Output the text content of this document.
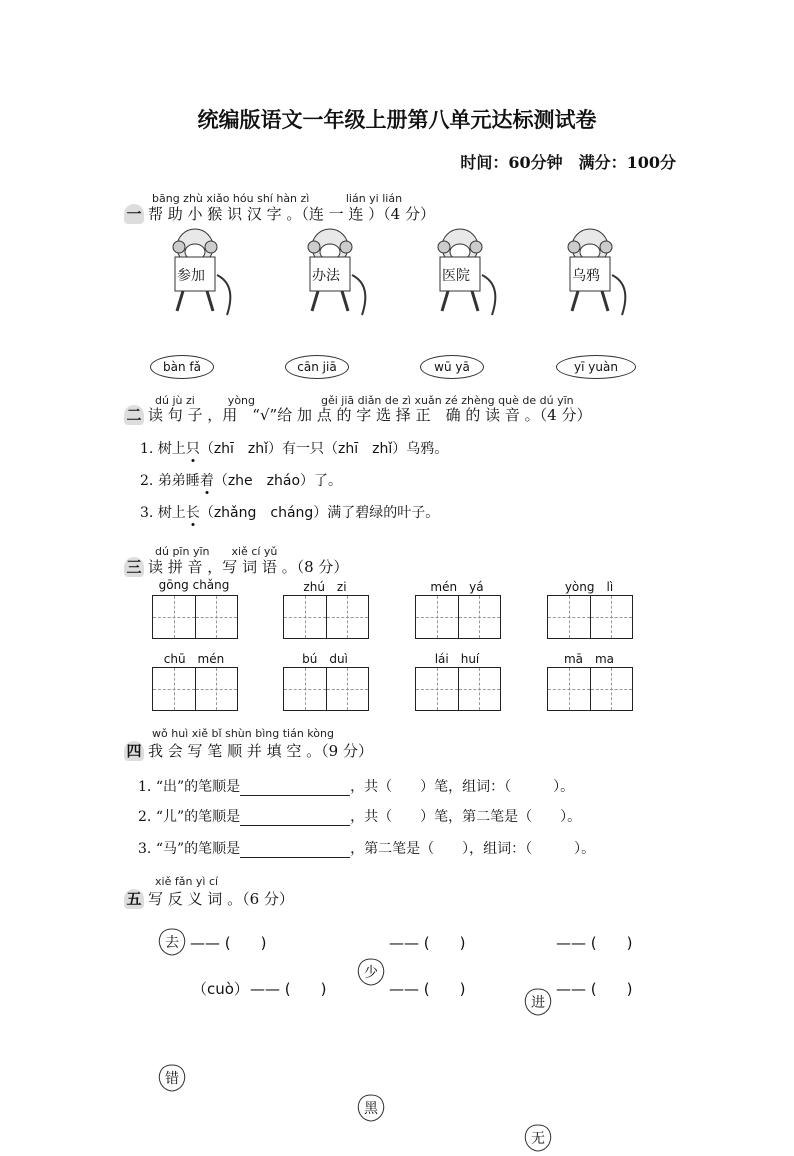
统编版语文一年级上册第八单元达标测试卷
时间：60分钟　满分：100分
bāng zhù xiǎo hóu shí hàn zì　　　 lián yi lián
一 帮 助 小 猴 识 汉 字 。（连 一 连 ）（4 分）
参加	办法	医院	乌鸦
bàn fǎ	cān jiā	wū yā	yī yuàn
dú jù zi　　　yòng　　　　　　gěi jiā diǎn de zì xuǎn zé zhèng què de dú yīn
二 读 句 子 ，用　“√”给 加 点 的 字 选 择 正　确 的 读 音 。（4 分）
1. 树上只（zhī　zhǐ）有一只（zhī　zhǐ）乌鸦。
2. 弟弟睡着（zhe　zháo）了。
3. 树上长（zhǎng　cháng）满了碧绿的叶子。
dú pīn yīn　　xiě cí yǔ
三 读 拼 音 ，写 词 语 。（8 分）
gōng chǎng	zhú　zi	mén　yá	yòng　lì
chū　mén	bú　duì	lái　huí	mā　ma
wǒ huì xiě bǐ shùn bìng tián kòng
四 我 会 写 笔 顺 并 填 空 。（9 分）
1. “出”的笔顺是	，共（　　）笔，组词：（　　　）。
2. “儿”的笔顺是	，共（　　）笔，第二笔是（　　）。
3. “马”的笔顺是	，第二笔是（　　），组词：（　　　）。
xiě fǎn yì cí
五 写 反 义 词 。（6 分）
去 —— (　　)
少
—— (　　)
进
—— (　　)
错
（cuò） —— (　　)
黑
—— (　　)
无
—— (　　)
